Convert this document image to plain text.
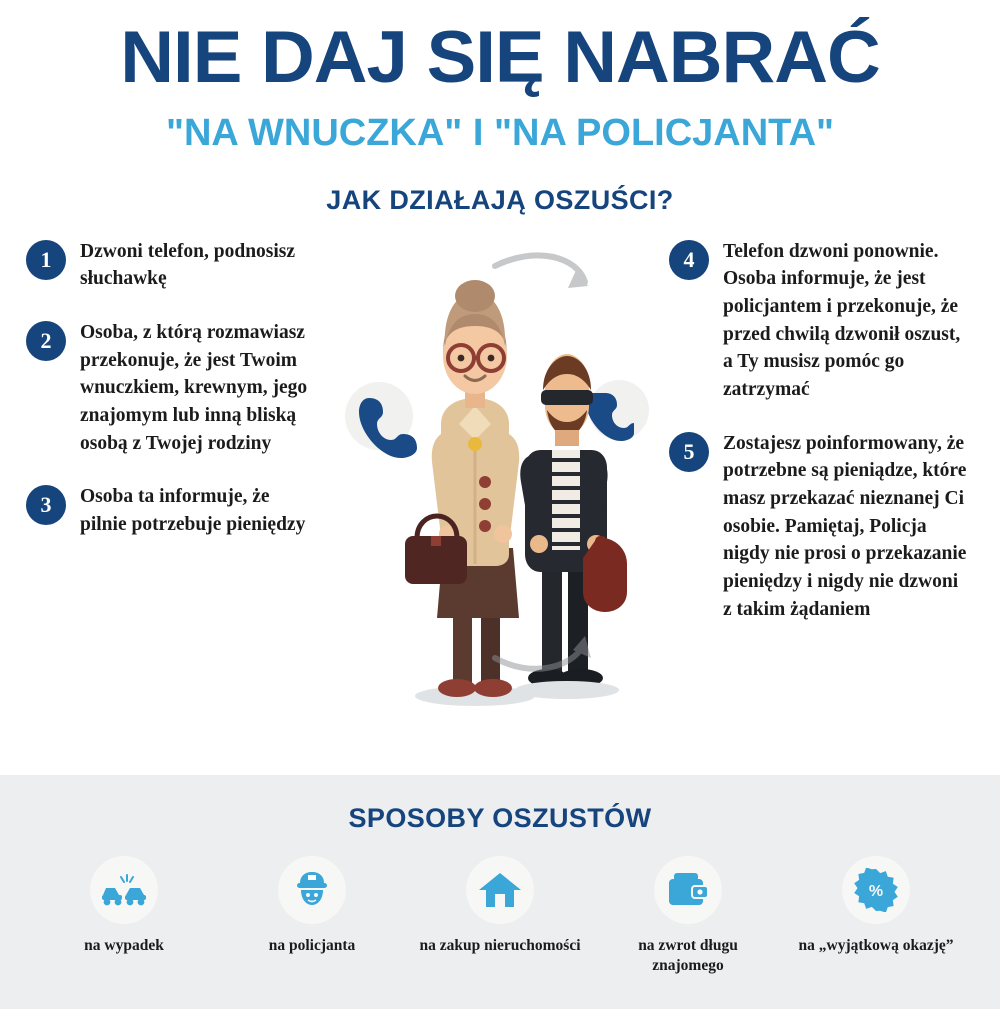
NIE DAJ SIĘ NABRAĆ
"NA WNUCZKA" I "NA POLICJANTA"
JAK DZIAŁAJĄ OSZUŚCI?
1	Dzwoni telefon, podnosisz słuchawkę
2	Osoba, z którą rozmawiasz przekonuje, że jest Twoim wnuczkiem, krewnym, jego znajomym lub inną bliską osobą z Twojej rodziny
3	Osoba ta informuje, że pilnie potrzebuje pieniędzy
4	Telefon dzwoni ponownie. Osoba informuje, że jest policjantem i przekonuje, że przed chwilą dzwonił oszust, a Ty musisz pomóc go zatrzymać
5	Zostajesz poinformowany, że potrzebne są pieniądze, które masz przekazać nieznanej Ci osobie. Pamiętaj, Policja nigdy nie prosi o przekazanie pieniędzy i nigdy nie dzwoni z takim żądaniem
SPOSOBY OSZUSTÓW
na wypadek	na policjanta	na zakup nieruchomości	na zwrot długu znajomego
%
na „wyjątkową okazję”
